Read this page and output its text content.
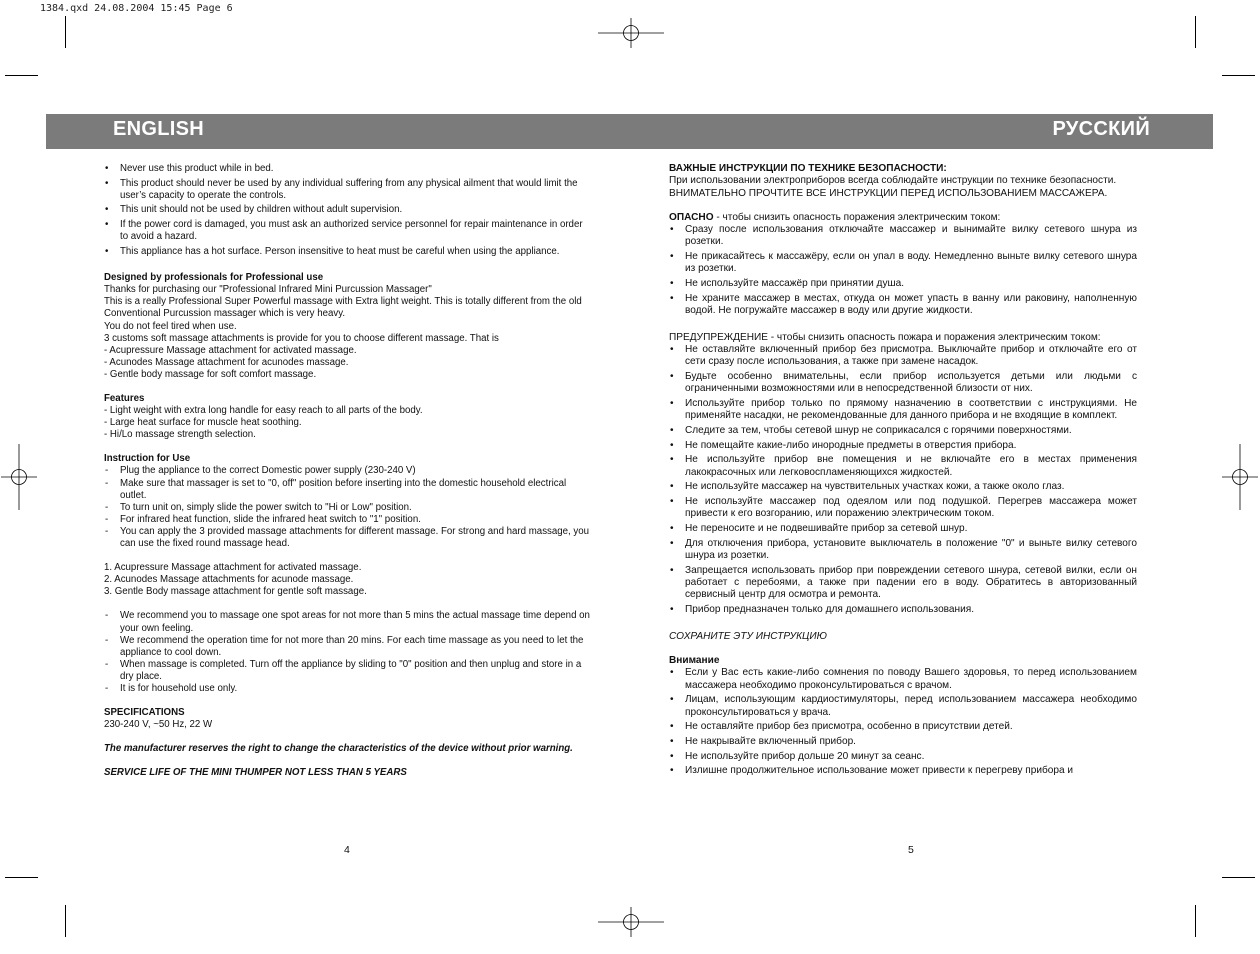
1384.qxd 24.08.2004 15:45 Page 6
ENGLISH	РУССКИЙ
• Never use this product while in bed.
• This product should never be used by any individual suffering from any physical ailment that would limit the user’s capacity to operate the controls.
• This unit should not be used by children without adult supervision.
• If the power cord is damaged, you must ask an authorized service personnel for repair maintenance in order to avoid a hazard.
• This appliance has a hot surface. Person insensitive to heat must be careful when using the appliance.

Designed by professionals for Professional use

Thanks for purchasing our "Professional Infrared Mini Purcussion Massager"

This is a really Professional Super Powerful massage with Extra light weight. This is totally different from the old Conventional Purcussion massager which is very heavy.

You do not feel tired when use.

3 customs soft massage attachments is provide for you to choose different massage. That is

- Acupressure Massage attachment for activated massage.

- Acunodes Massage attachment for acunodes massage.

- Gentle body massage for soft comfort massage.

Features

- Light weight with extra long handle for easy reach to all parts of the body.

- Large heat surface for muscle heat soothing.

- Hi/Lo massage strength selection.

Instruction for Use

- Plug the appliance to the correct Domestic power supply (230-240 V)
- Make sure that massager is set to "0, off" position before inserting into the domestic household electrical outlet.
- To turn unit on, simply slide the power switch to "Hi or Low" position.
- For infrared heat function, slide the infrared heat switch to "1" position.
- You can apply the 3 provided massage attachments for different massage. For strong and hard massage, you can use the fixed round massage head.
1. Acupressure Massage attachment for activated massage.
2. Acunodes Massage attachments for acunode massage.
3. Gentle Body massage attachment for gentle soft massage.
- We recommend you to massage one spot areas for not more than 5 mins the actual massage time depend on your own feeling.
- We recommend the operation time for not more than 20 mins. For each time massage as you need to let the appliance to cool down.
- When massage is completed. Turn off the appliance by sliding to "0" position and then unplug and store in a dry place.
- It is for household use only.

SPECIFICATIONS

230-240 V, ~50 Hz, 22 W

The manufacturer reserves the right to change the characteristics of the device without prior warning.

SERVICE LIFE OF THE MINI THUMPER NOT LESS THAN 5 YEARS

ВАЖНЫЕ ИНСТРУКЦИИ ПО ТЕХНИКЕ БЕЗОПАСНОСТИ:

При использовании электроприборов всегда соблюдайте инструкции по технике безопасности.

ВНИМАТЕЛЬНО ПРОЧТИТЕ ВСЕ ИНСТРУКЦИИ ПЕРЕД ИСПОЛЬЗОВАНИЕМ МАССАЖЕРА.

ОПАСНО - чтобы снизить опасность поражения электрическим током:

• Сразу после использования отключайте массажер и вынимайте вилку сетевого шнура из розетки.
• Не прикасайтесь к массажёру, если он упал в воду. Немедленно выньте вилку сетевого шнура из розетки.
• Не используйте массажёр при принятии душа.
• Не храните массажер в местах, откуда он может упасть в ванну или раковину, наполненную водой. Не погружайте массажер в воду или другие жидкости.

ПРЕДУПРЕЖДЕНИЕ - чтобы снизить опасность пожара и поражения электрическим током:

• Не оставляйте включенный прибор без присмотра. Выключайте прибор и отключайте его от сети сразу после использования, а также при замене насадок.
• Будьте особенно внимательны, если прибор используется детьми или людьми с ограниченными возможностями или в непосредственной близости от них.
• Используйте прибор только по прямому назначению в соответствии с инструкциями. Не применяйте насадки, не рекомендованные для данного прибора и не входящие в комплект.
• Следите за тем, чтобы сетевой шнур не соприкасался с горячими поверхностями.
• Не помещайте какие-либо инородные предметы в отверстия прибора.
• Не используйте прибор вне помещения и не включайте его в местах применения лакокрасочных или легковоспламеняющихся жидкостей.
• Не используйте массажер на чувствительных участках кожи, а также около глаз.
• Не используйте массажер под одеялом или под подушкой. Перегрев массажера может привести к его возгоранию, или поражению электрическим током.
• Не переносите и не подвешивайте прибор за сетевой шнур.
• Для отключения прибора, установите выключатель в положение "0" и выньте вилку сетевого шнура из розетки.
• Запрещается использовать прибор при повреждении сетевого шнура, сетевой вилки, если он работает с перебоями, а также при падении его в воду. Обратитесь в авторизованный сервисный центр для осмотра и ремонта.
• Прибор предназначен только для домашнего использования.

СОХРАНИТЕ ЭТУ ИНСТРУКЦИЮ

Внимание

• Если у Вас есть какие-либо сомнения по поводу Вашего здоровья, то перед использованием массажера необходимо проконсультироваться с врачом.
• Лицам, использующим кардиостимуляторы, перед использованием массажера необходимо проконсультироваться у врача.
• Не оставляйте прибор без присмотра, особенно в присутствии детей.
• Не накрывайте включенный прибор.
• Не используйте прибор дольше 20 минут за сеанс.
• Излишне продолжительное использование может привести к перегреву прибора и
4	5
